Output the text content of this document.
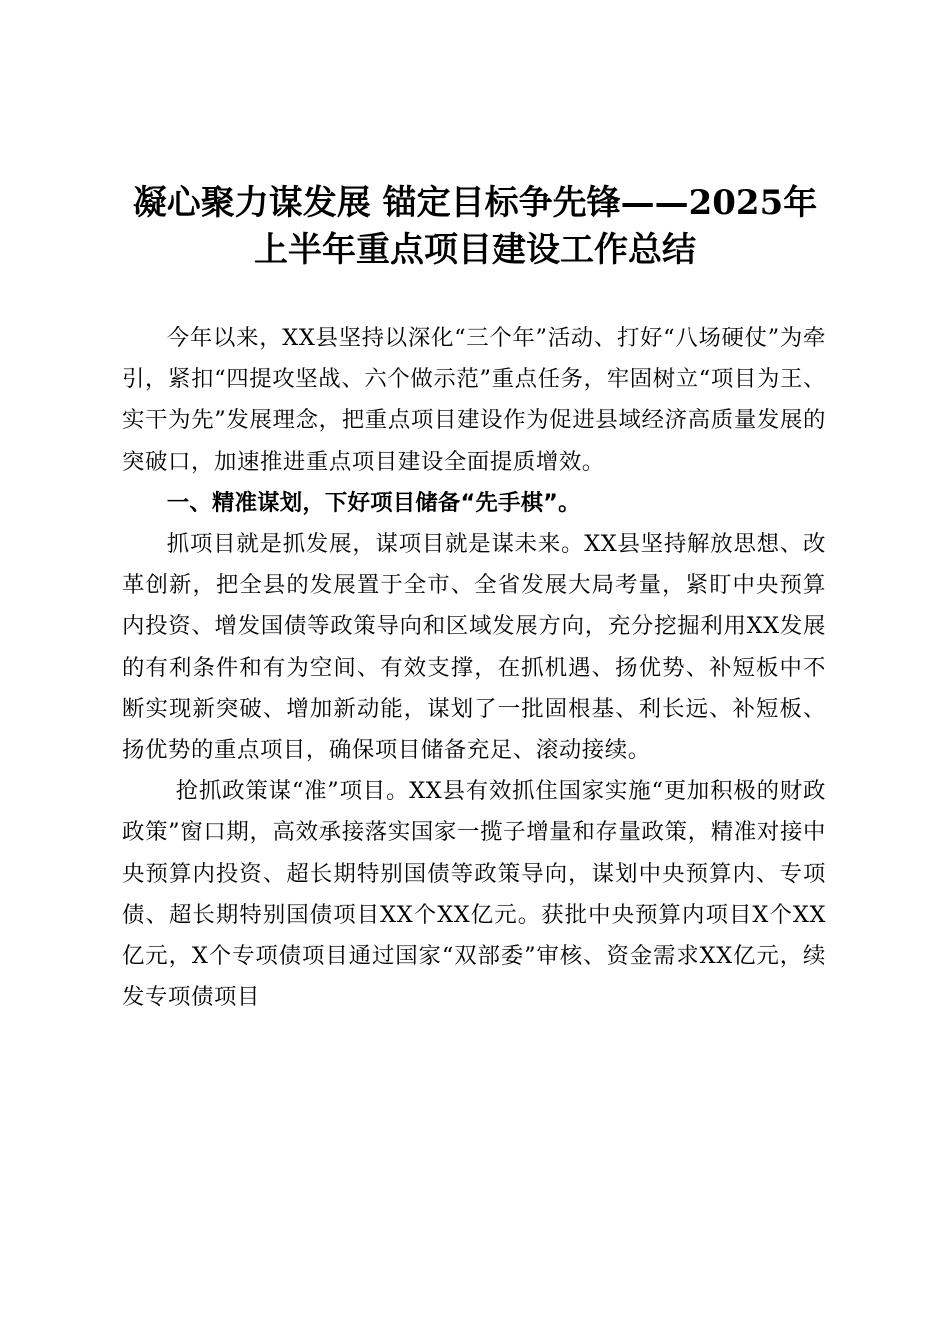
凝心聚力谋发展 锚定目标争先锋——2025年
上半年重点项目建设工作总结

今年以来，XX县坚持以深化“三个年”活动、打好“八场硬仗”为牵引，紧扣“四提攻坚战、六个做示范”重点任务，牢固树立“项目为王、实干为先”发展理念，把重点项目建设作为促进县域经济高质量发展的突破口，加速推进重点项目建设全面提质增效。

一、精准谋划，下好项目储备“先手棋”。

抓项目就是抓发展，谋项目就是谋未来。XX县坚持解放思想、改革创新，把全县的发展置于全市、全省发展大局考量，紧盯中央预算内投资、增发国债等政策导向和区域发展方向，充分挖掘利用XX发展的有利条件和有为空间、有效支撑，在抓机遇、扬优势、补短板中不断实现新突破、增加新动能，谋划了一批固根基、利长远、补短板、扬优势的重点项目，确保项目储备充足、滚动接续。

抢抓政策谋“准”项目。XX县有效抓住国家实施“更加积极的财政政策”窗口期，高效承接落实国家一揽子增量和存量政策，精准对接中央预算内投资、超长期特别国债等政策导向，谋划中央预算内、专项债、超长期特别国债项目XX个XX亿元。获批中央预算内项目X个XX亿元，X个专项债项目通过国家“双部委”审核、资金需求XX亿元，续发专项债项目
